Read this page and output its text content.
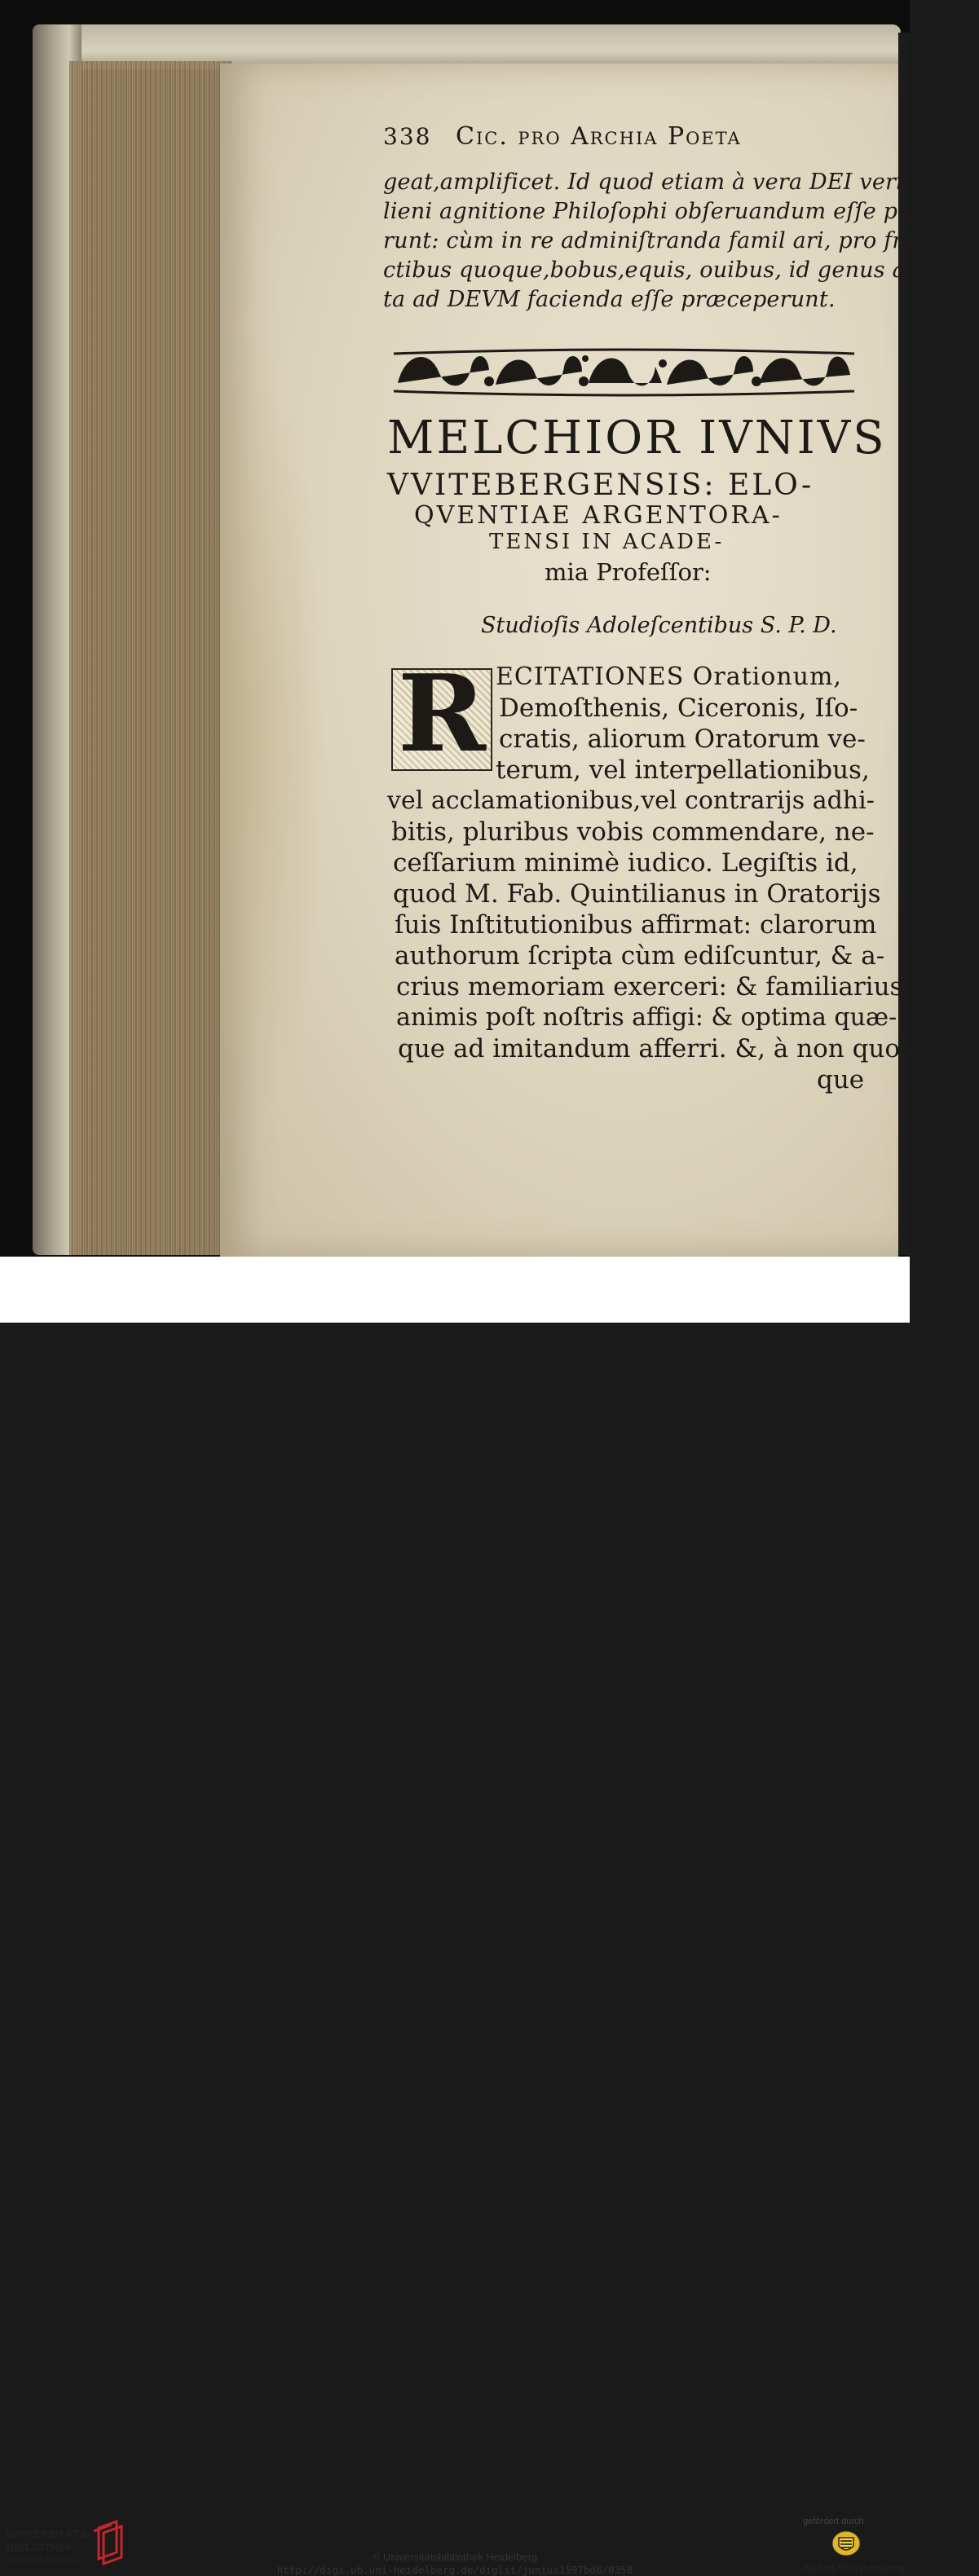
338 Cic. pro Archia Poeta
geat,amplificet. Id quod etiam à vera DEI veri a-
lieni agnitione Philoſophi obſeruandum eſſe puta-
runt: cùm in re adminiſtranda famil ari, pro fru-
ctibus quoque,bobus,equis, ouibus, id genus alijs,vo-
ta ad DEVM facienda eſſe præceperunt.
MELCHIOR IVNIVS
VVITEBERGENSIS: ELO-
QVENTIAE ARGENTORA-
TENSI IN ACADE-
mia Profeſſor:
Studioſis Adoleſcentibus S. P. D.
R ECITATIONES Orationum,
Demoſthenis, Ciceronis, Iſo-
cratis, aliorum Oratorum ve-
terum, vel interpellationibus,
vel acclamationibus,vel contrarijs adhi-
bitis, pluribus vobis commendare, ne-
ceſſarium minimè iudico. Legiſtis id,
quod M. Fab. Quintilianus in Oratorijs
ſuis Inſtitutionibus affirmat: clarorum
authorum ſcripta cùm ediſcuntur, & a-
crius memoriam exerceri: & familiarius
animis poſt noſtris affigi: & optima quæ-
que ad imitandum afferri. &, à non quo-
que
UNIVERSITÄTS-
BIBLIOTHEK
HEIDELBERG	© Universitätsbibliothek Heidelberg
http://digi.ub.uni-heidelberg.de/diglit/junius1597bd6/0358
gefördert durch
Baden-Württemberg
